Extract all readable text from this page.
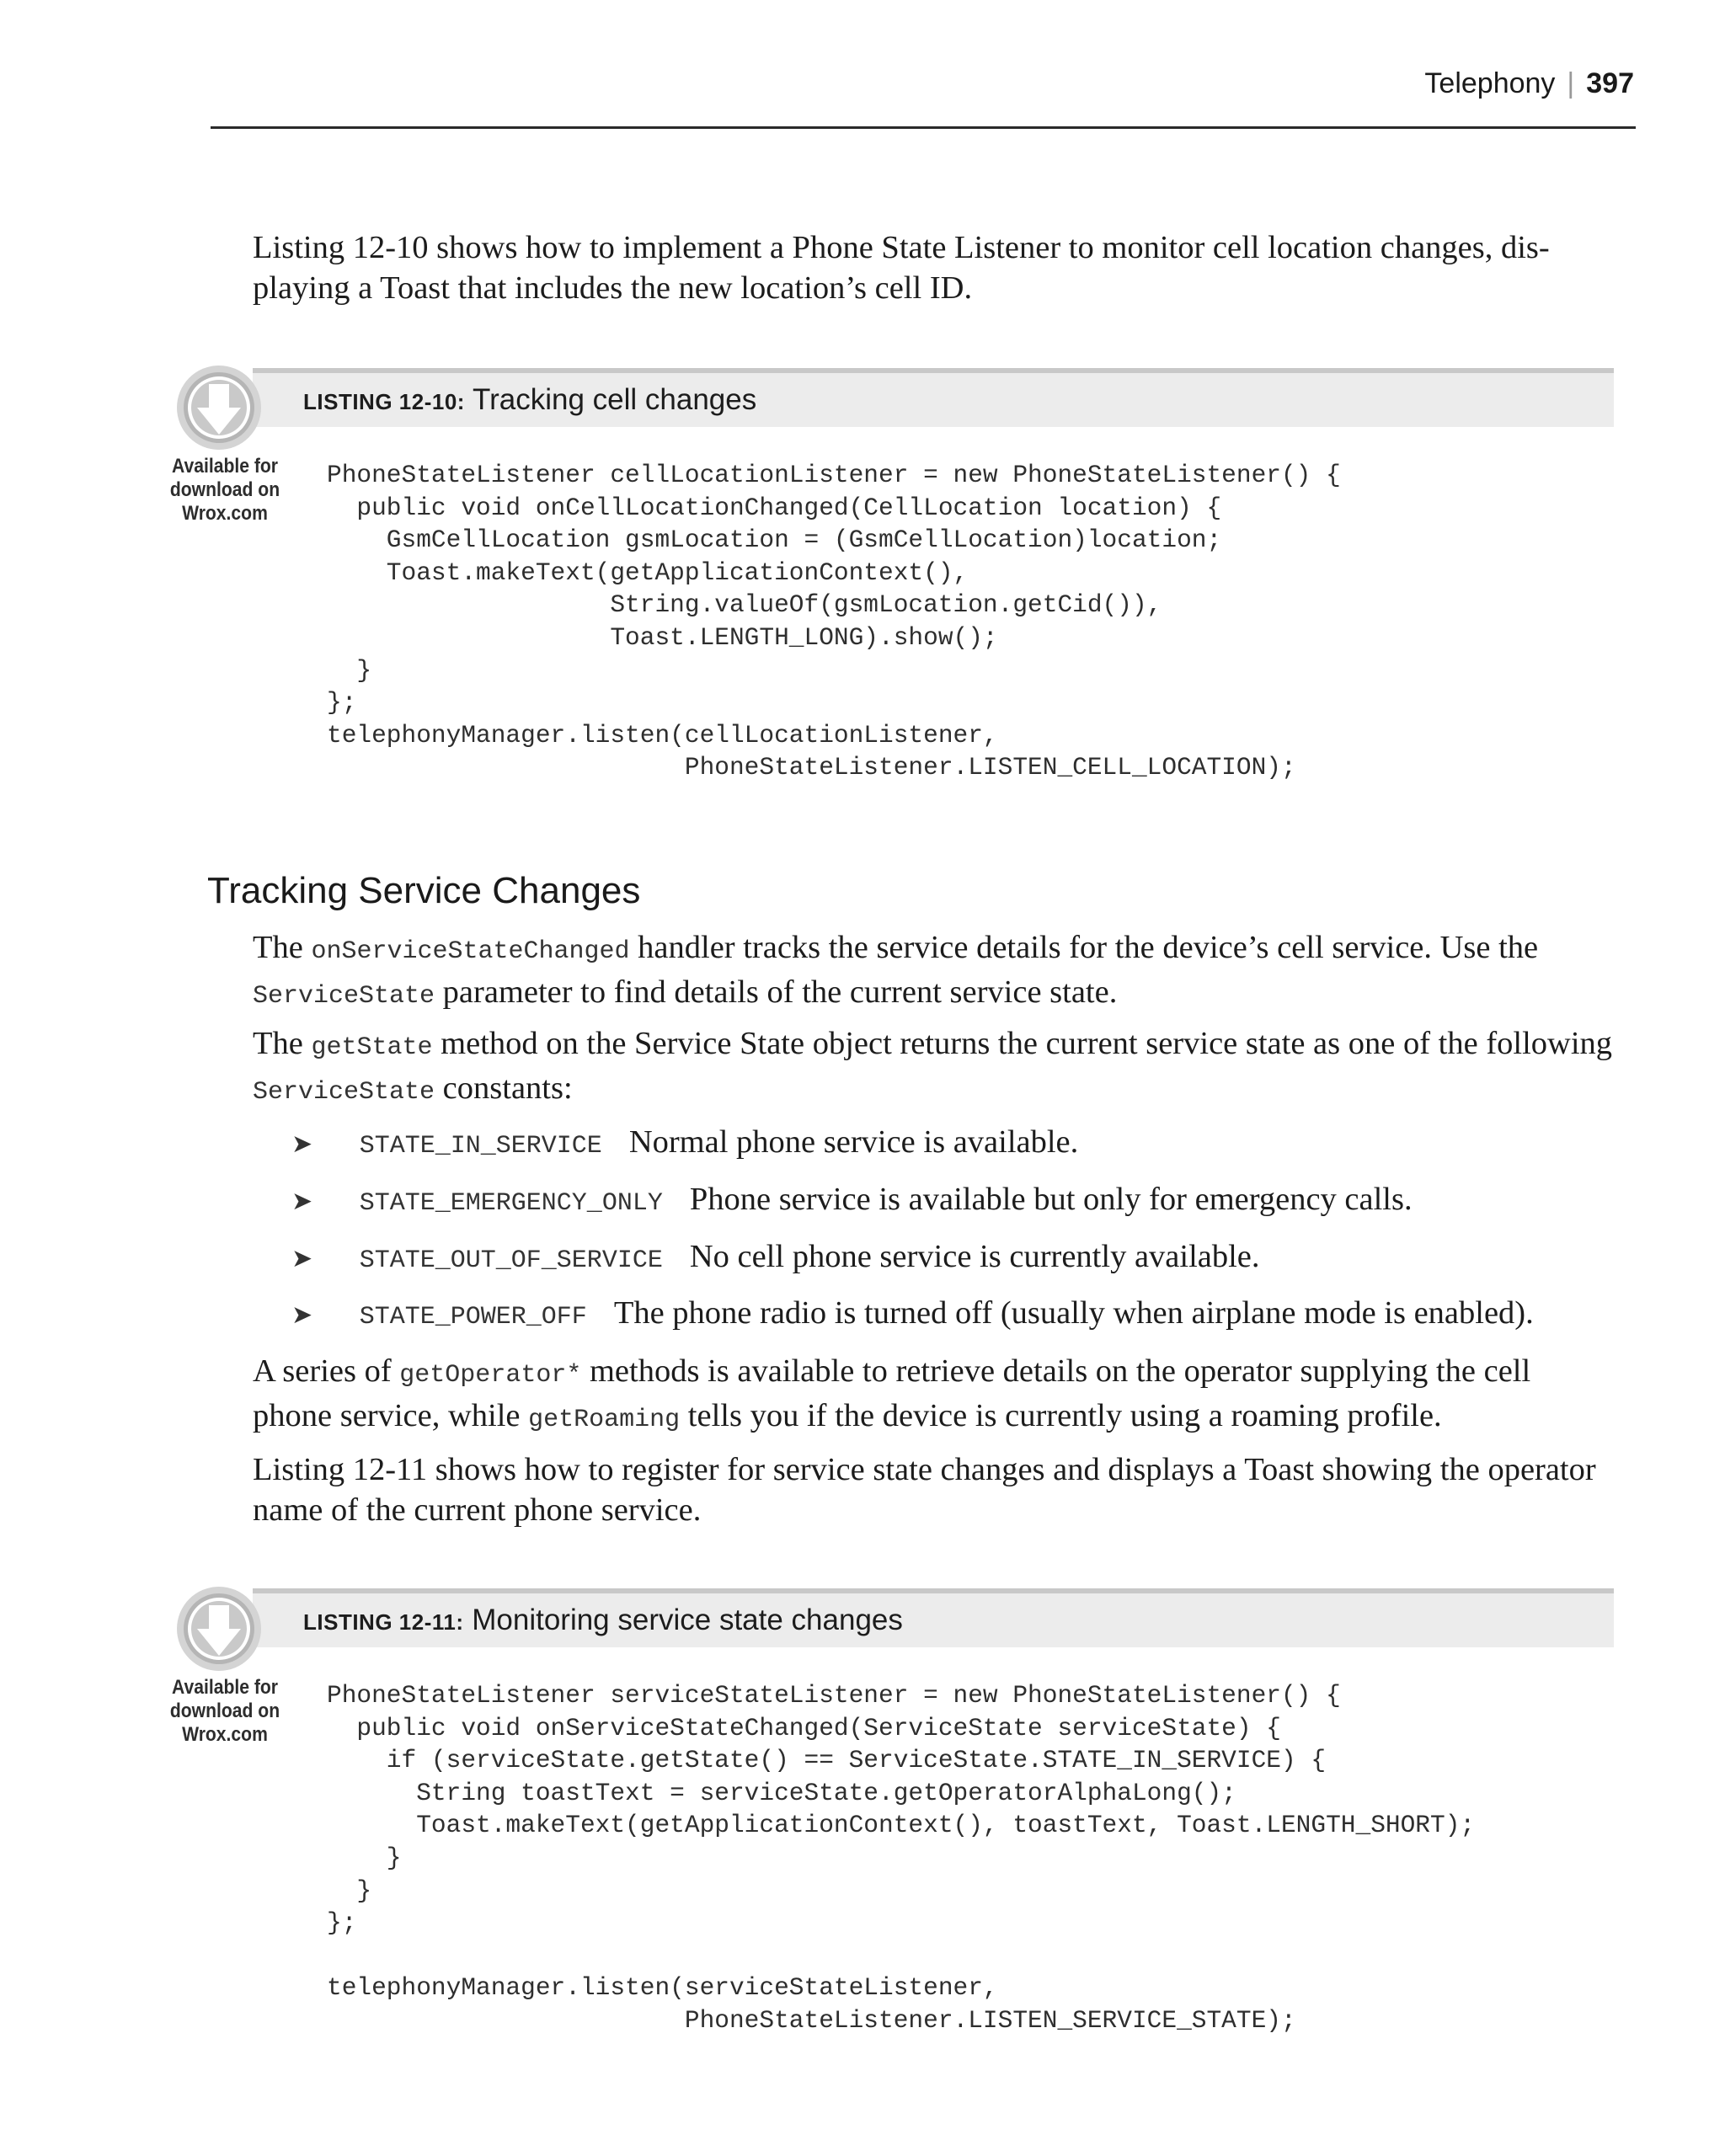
Telephony | 397
Listing 12-10 shows how to implement a Phone State Listener to monitor cell location changes, dis-
playing a Toast that includes the new location’s cell ID.
LISTING 12-10: Tracking cell changes
Available for
download on
Wrox.com
PhoneStateListener cellLocationListener = new PhoneStateListener() {
public void onCellLocationChanged(CellLocation location) {
GsmCellLocation gsmLocation = (GsmCellLocation)location;
Toast.makeText(getApplicationContext(),
String.valueOf(gsmLocation.getCid()),
Toast.LENGTH_LONG).show();
}
};
telephonyManager.listen(cellLocationListener,
PhoneStateListener.LISTEN_CELL_LOCATION);
Tracking Service Changes
The onServiceStateChanged handler tracks the service details for the device’s cell service. Use the
ServiceState parameter to find details of the current service state.
The getState method on the Service State object returns the current service state as one of the following
ServiceState constants:
➤ STATE_IN_SERVICE Normal phone service is available.
➤ STATE_EMERGENCY_ONLY Phone service is available but only for emergency calls.
➤ STATE_OUT_OF_SERVICE No cell phone service is currently available.
➤ STATE_POWER_OFF The phone radio is turned off (usually when airplane mode is enabled).
A series of getOperator* methods is available to retrieve details on the operator supplying the cell
phone service, while getRoaming tells you if the device is currently using a roaming profile.
Listing 12-11 shows how to register for service state changes and displays a Toast showing the operator
name of the current phone service.
LISTING 12-11: Monitoring service state changes
Available for
download on
Wrox.com
PhoneStateListener serviceStateListener = new PhoneStateListener() {
public void onServiceStateChanged(ServiceState serviceState) {
if (serviceState.getState() == ServiceState.STATE_IN_SERVICE) {
String toastText = serviceState.getOperatorAlphaLong();
Toast.makeText(getApplicationContext(), toastText, Toast.LENGTH_SHORT);
}
}
};

telephonyManager.listen(serviceStateListener,
PhoneStateListener.LISTEN_SERVICE_STATE);
